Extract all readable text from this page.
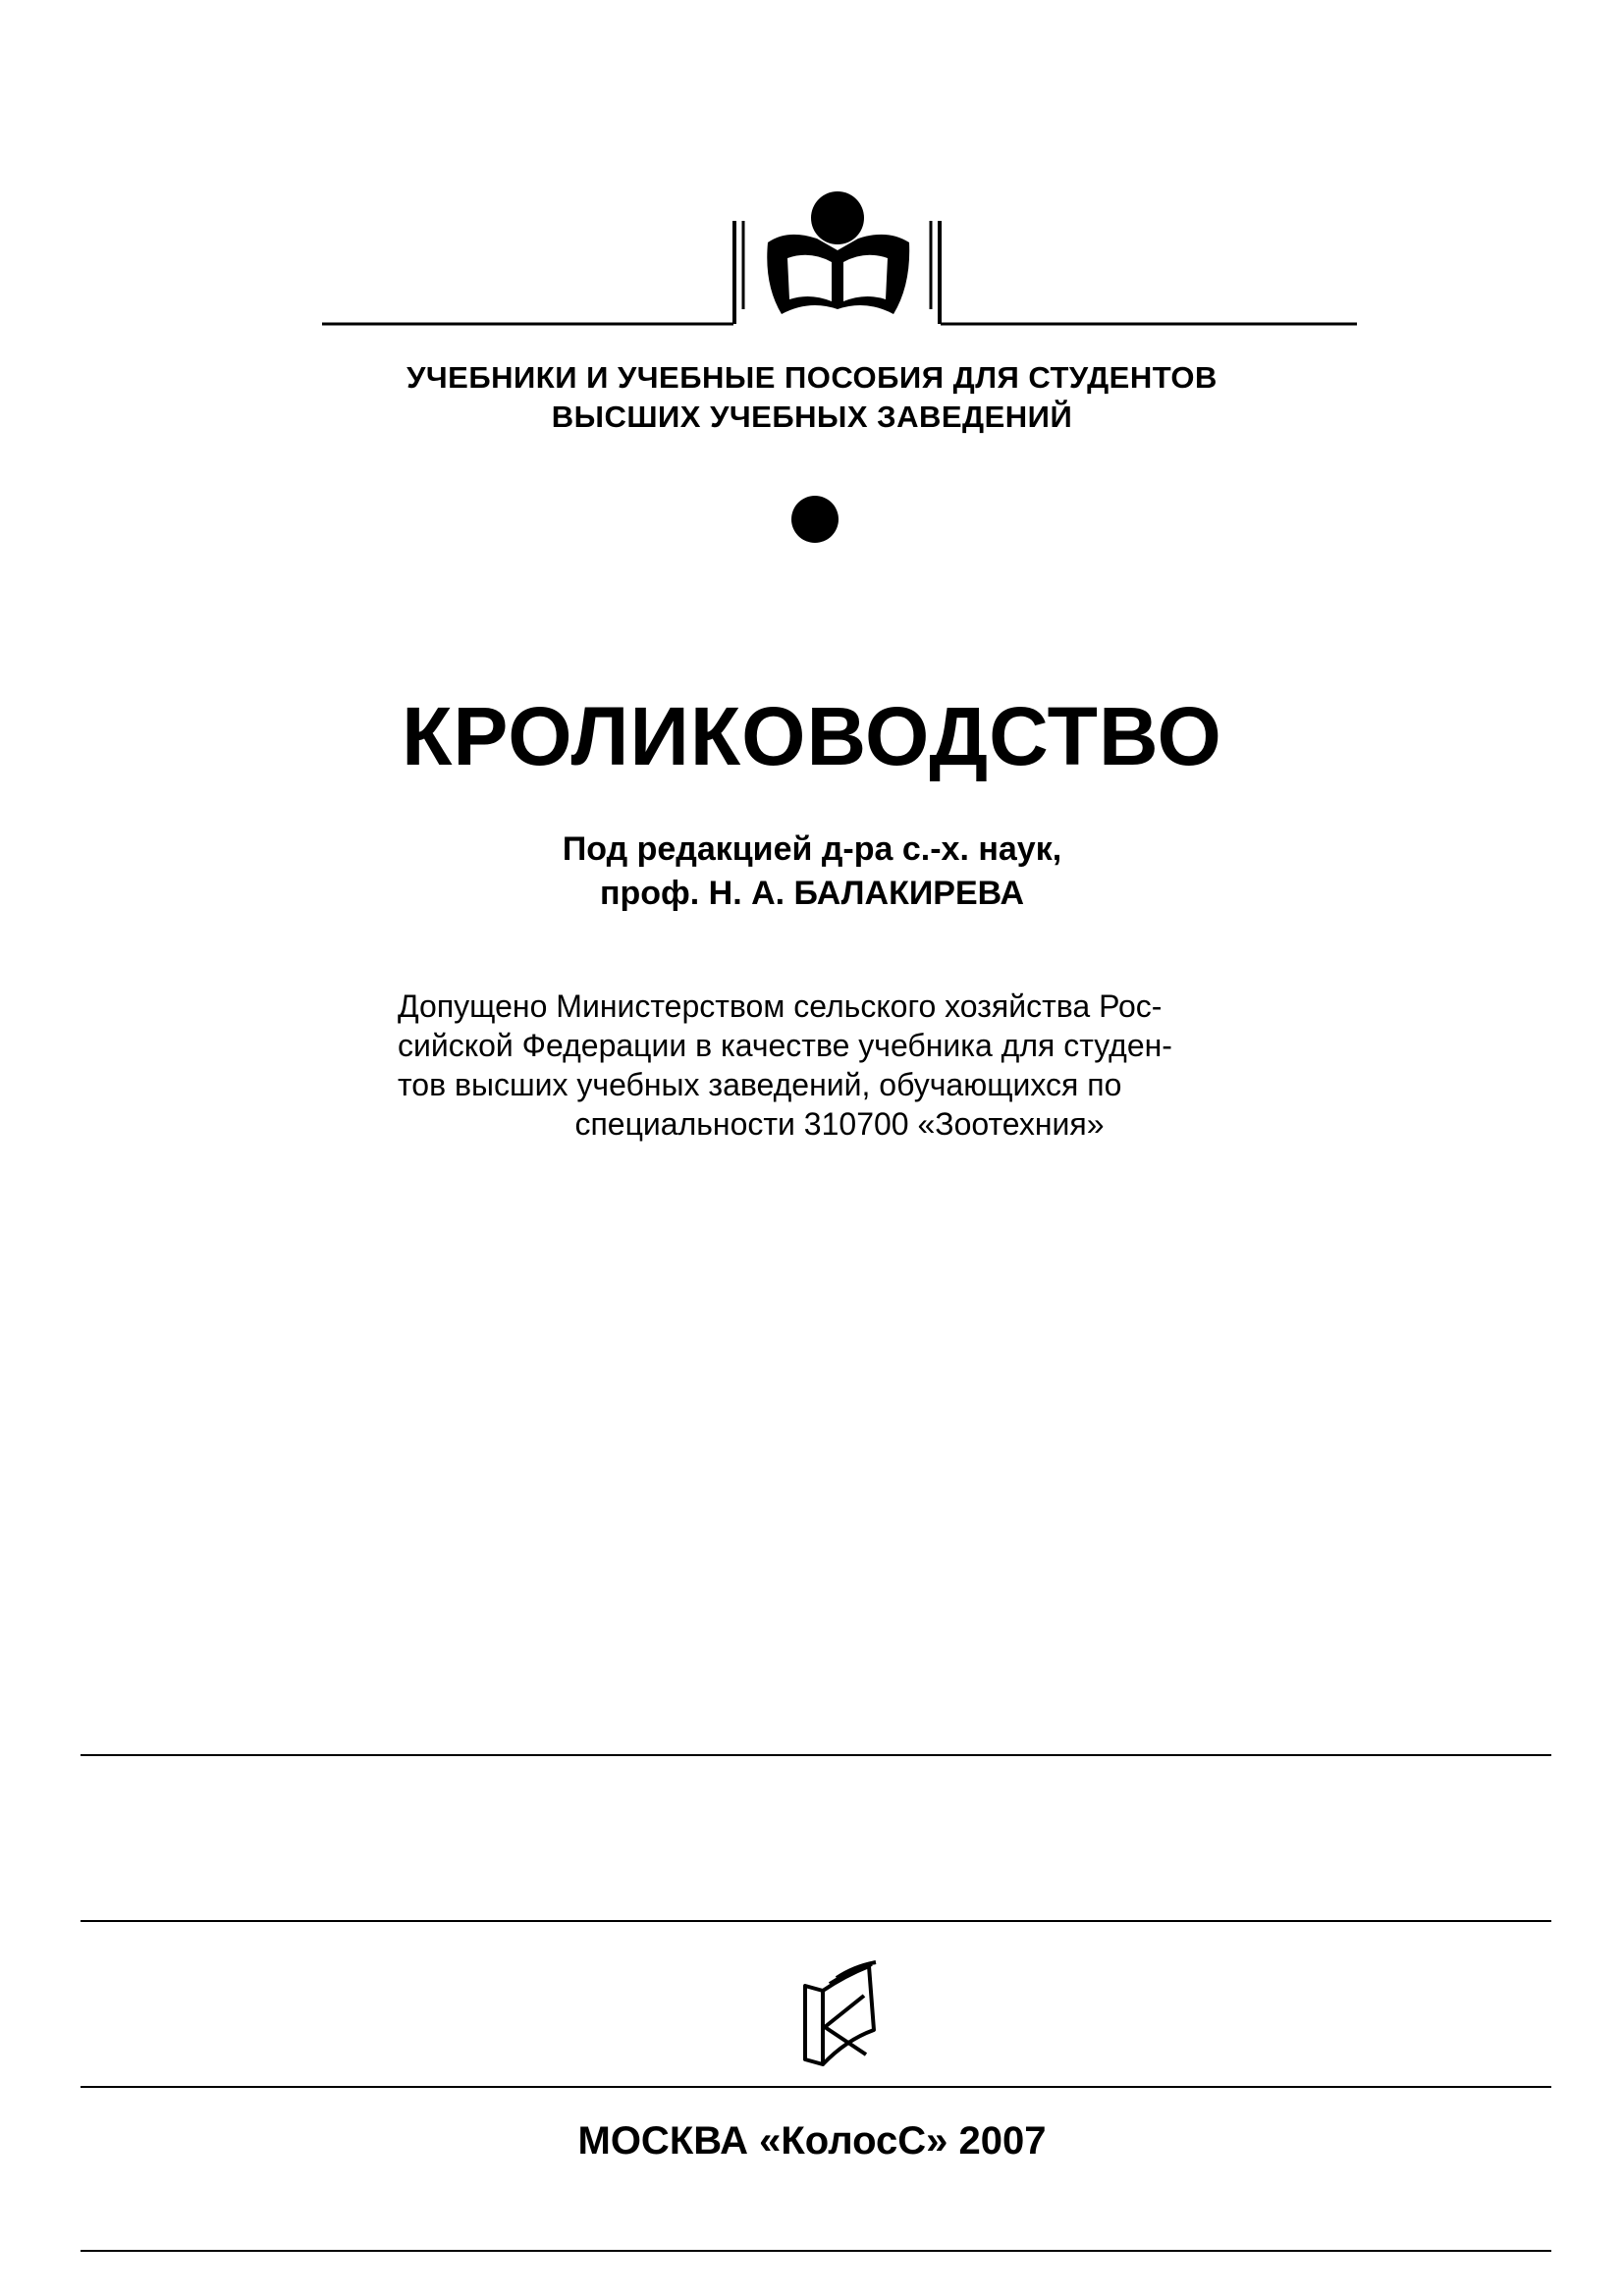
УЧЕБНИКИ И УЧЕБНЫЕ ПОСОБИЯ ДЛЯ СТУДЕНТОВ
ВЫСШИХ УЧЕБНЫХ ЗАВЕДЕНИЙ
КРОЛИКОВОДСТВО
Под редакцией д-ра с.-х. наук,
проф. Н. А. БАЛАКИРЕВА
Допущено Министерством сельского хозяйства Рос-
сийской Федерации в качестве учебника для студен-
тов высших учебных заведений, обучающихся по
специальности 310700 «Зоотехния»
МОСКВА «КолосС» 2007
